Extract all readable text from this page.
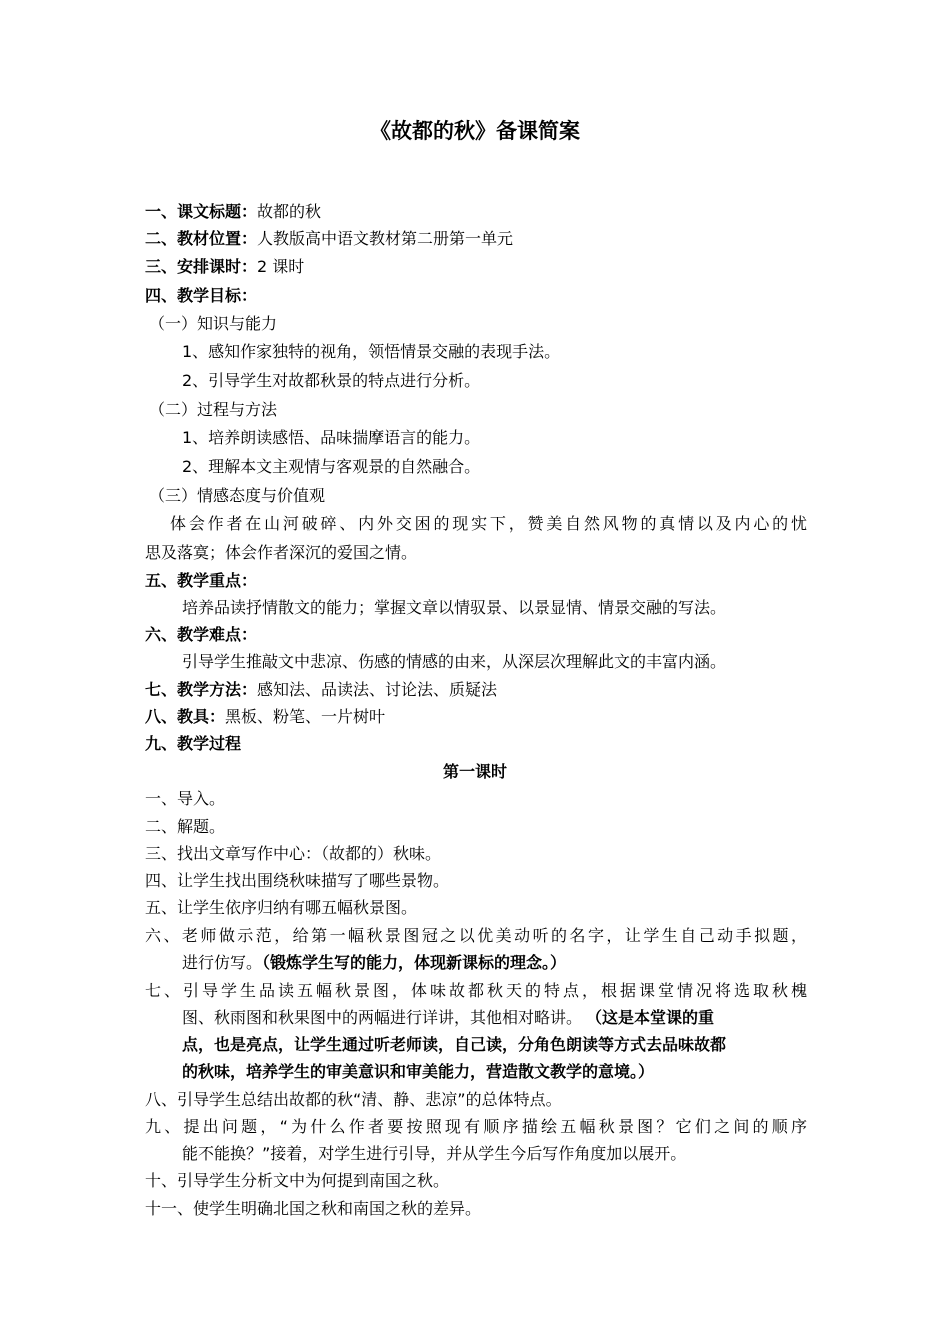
《故都的秋》备课简案
一、课文标题：故都的秋
二、教材位置：人教版高中语文教材第二册第一单元
三、安排课时：2 课时
四、教学目标：
（一）知识与能力
1、感知作家独特的视角，领悟情景交融的表现手法。
2、引导学生对故都秋景的特点进行分析。
（二）过程与方法
1、培养朗读感悟、品味揣摩语言的能力。
2、理解本文主观情与客观景的自然融合。
（三）情感态度与价值观
体会作者在山河破碎、内外交困的现实下，赞美自然风物的真情以及内心的忧
思及落寞；体会作者深沉的爱国之情。
五、教学重点：
培养品读抒情散文的能力；掌握文章以情驭景、以景显情、情景交融的写法。
六、教学难点：
引导学生推敲文中悲凉、伤感的情感的由来，从深层次理解此文的丰富内涵。
七、教学方法：感知法、品读法、讨论法、质疑法
八、教具：黑板、粉笔、一片树叶
九、教学过程
第一课时
一、导入。
二、解题。
三、找出文章写作中心：（故都的）秋味。
四、让学生找出围绕秋味描写了哪些景物。
五、让学生依序归纳有哪五幅秋景图。
六、老师做示范，给第一幅秋景图冠之以优美动听的名字，让学生自己动手拟题，
进行仿写。（锻炼学生写的能力，体现新课标的理念。）
七、引导学生品读五幅秋景图，体味故都秋天的特点，根据课堂情况将选取秋槐
图、秋雨图和秋果图中的两幅进行详讲，其他相对略讲。 （这是本堂课的重
点，也是亮点，让学生通过听老师读，自己读，分角色朗读等方式去品味故都
的秋味，培养学生的审美意识和审美能力，营造散文教学的意境。）
八、引导学生总结出故都的秋“清、静、悲凉”的总体特点。
九、提出问题，“为什么作者要按照现有顺序描绘五幅秋景图？它们之间的顺序
能不能换？”接着，对学生进行引导，并从学生今后写作角度加以展开。
十、引导学生分析文中为何提到南国之秋。
十一、使学生明确北国之秋和南国之秋的差异。
